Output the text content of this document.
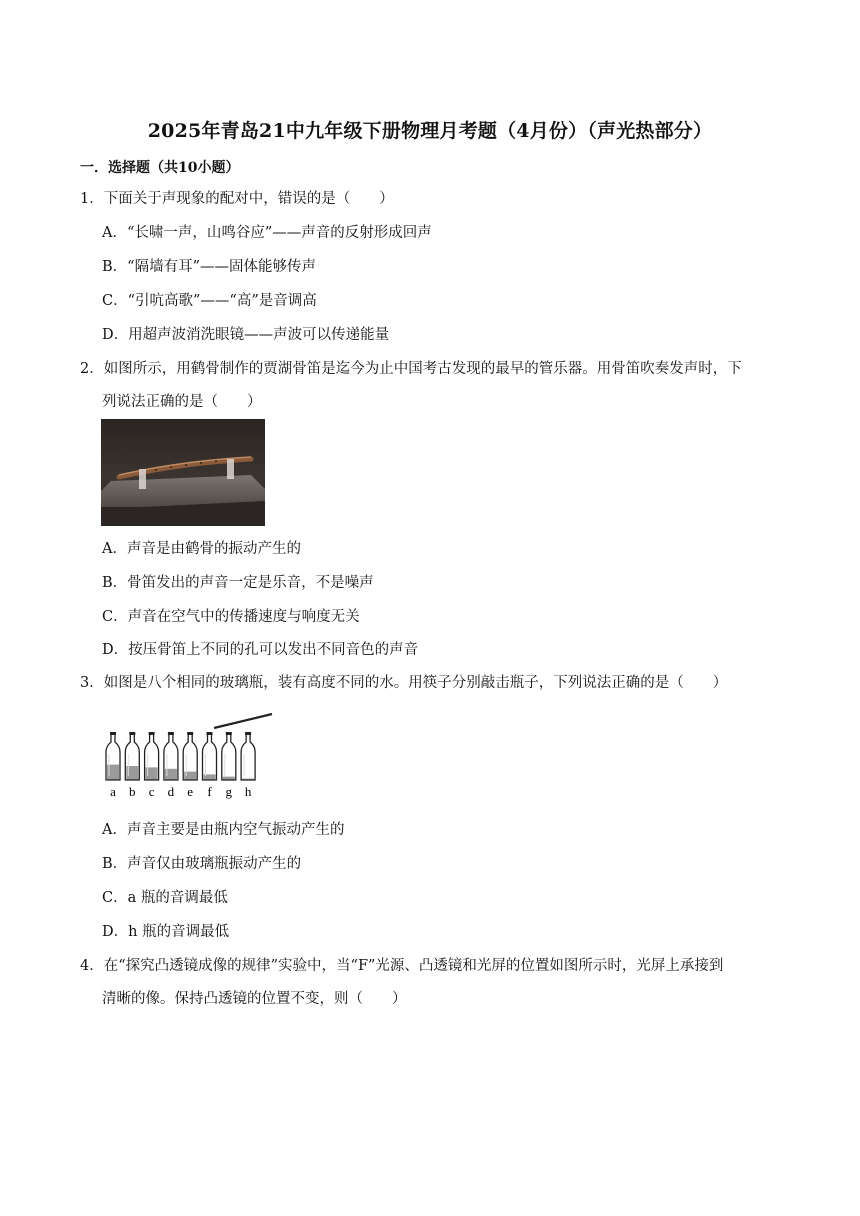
2025年青岛21中九年级下册物理月考题（4月份）（声光热部分）
一．选择题（共10小题）
1．下面关于声现象的配对中，错误的是（　　）
A．“长啸一声，山鸣谷应”——声音的反射形成回声
B．“隔墙有耳”——固体能够传声
C．“引吭高歌”——“高”是音调高
D．用超声波消洗眼镜——声波可以传递能量
2．如图所示，用鹤骨制作的贾湖骨笛是迄今为止中国考古发现的最早的管乐器。用骨笛吹奏发声时，下
列说法正确的是（　　）
A．声音是由鹤骨的振动产生的
B．骨笛发出的声音一定是乐音，不是噪声
C．声音在空气中的传播速度与响度无关
D．按压骨笛上不同的孔可以发出不同音色的声音
3．如图是八个相同的玻璃瓶，装有高度不同的水。用筷子分别敲击瓶子，下列说法正确的是（　　）
a b c d e f g h
A．声音主要是由瓶内空气振动产生的
B．声音仅由玻璃瓶振动产生的
C．a 瓶的音调最低
D．h 瓶的音调最低
4．在“探究凸透镜成像的规律”实验中，当“F”光源、凸透镜和光屏的位置如图所示时，光屏上承接到
清晰的像。保持凸透镜的位置不变，则（　　）
